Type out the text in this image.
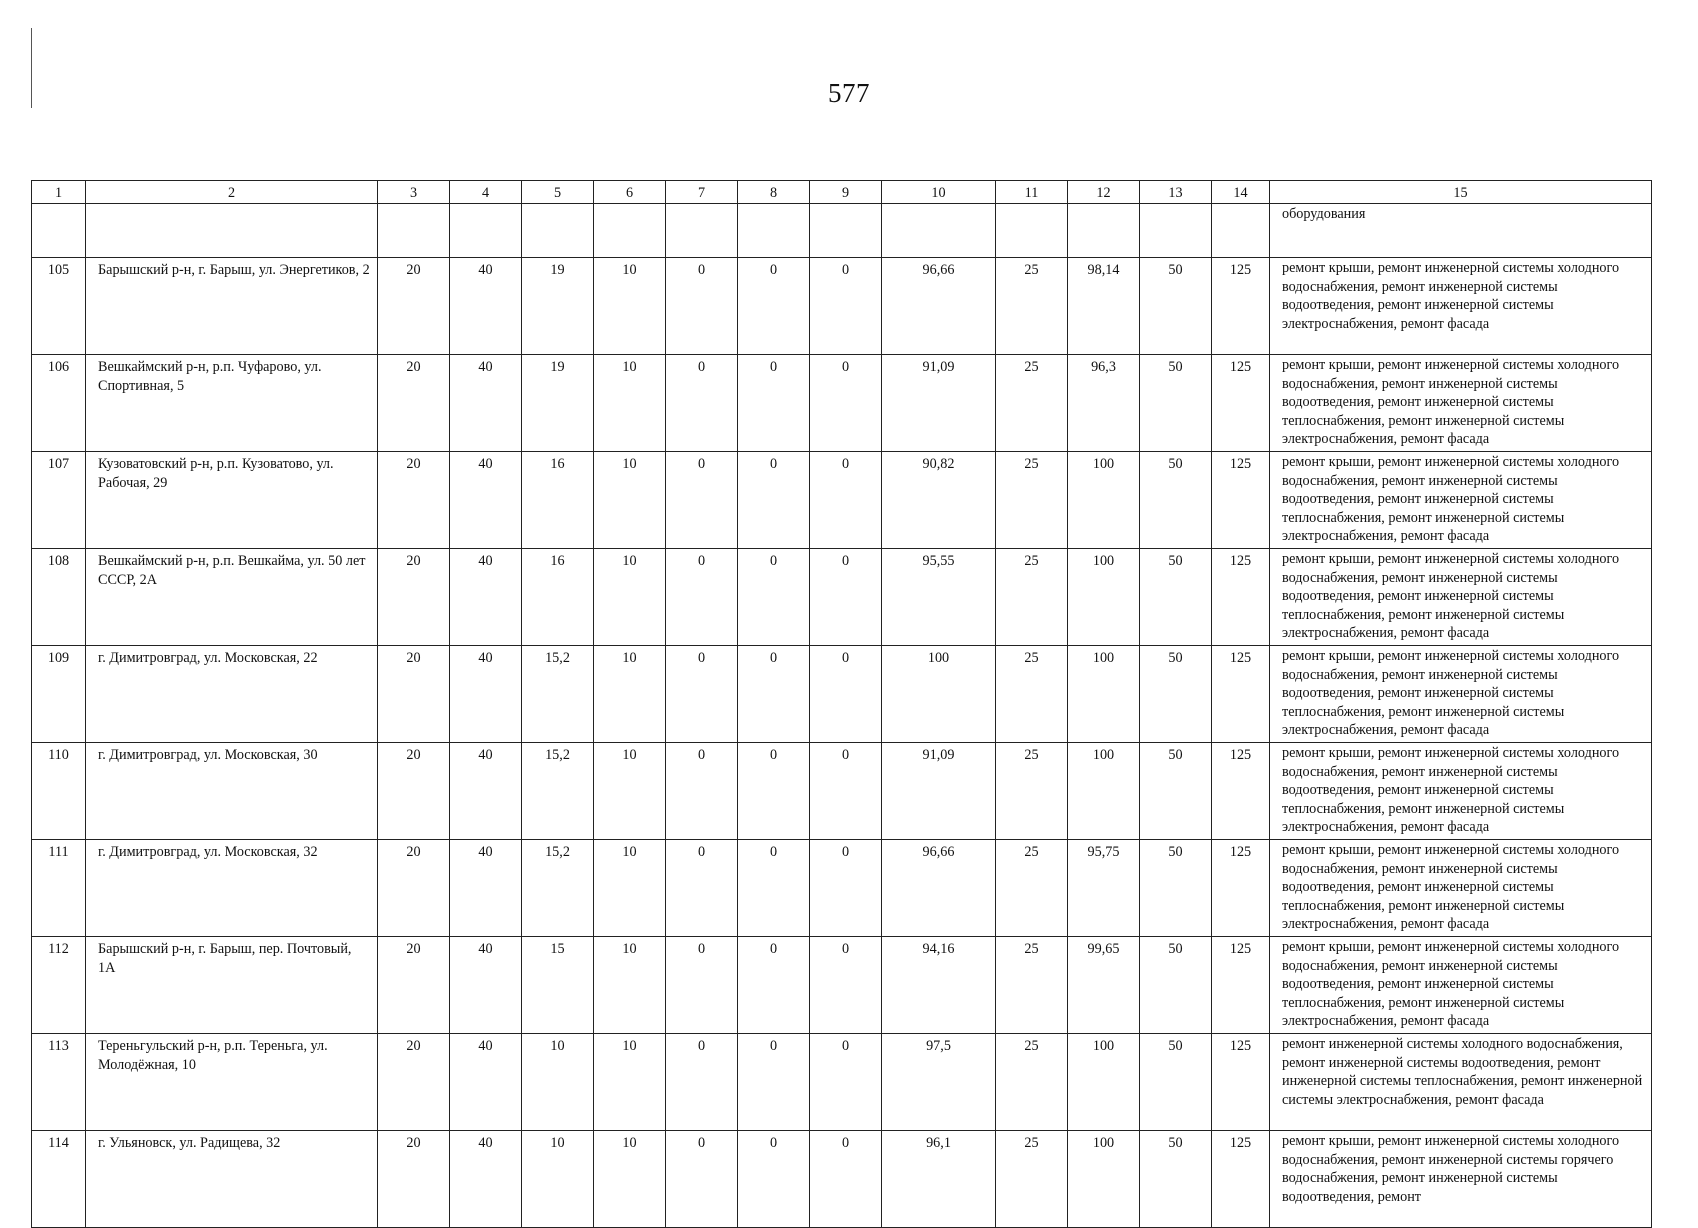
577
1	2	3	4	5	6	7	8	9	10	11	12	13	14	15
														оборудования
105	Барышский р-н, г. Барыш, ул. Энергетиков, 2	20	40	19	10	0	0	0	96,66	25	98,14	50	125	ремонт крыши, ремонт инженерной системы холодного водоснабжения, ремонт инженерной системы водоотведения, ремонт инженерной системы электроснабжения, ремонт фасада
106	Вешкаймский р-н, р.п. Чуфарово, ул. Спортивная, 5	20	40	19	10	0	0	0	91,09	25	96,3	50	125	ремонт крыши, ремонт инженерной системы холодного водоснабжения, ремонт инженерной системы водоотведения, ремонт инженерной системы теплоснабжения, ремонт инженерной системы электроснабжения, ремонт фасада
107	Кузоватовский р-н, р.п. Кузоватово, ул. Рабочая, 29	20	40	16	10	0	0	0	90,82	25	100	50	125	ремонт крыши, ремонт инженерной системы холодного водоснабжения, ремонт инженерной системы водоотведения, ремонт инженерной системы теплоснабжения, ремонт инженерной системы электроснабжения, ремонт фасада
108	Вешкаймский р-н, р.п. Вешкайма, ул. 50 лет СССР, 2А	20	40	16	10	0	0	0	95,55	25	100	50	125	ремонт крыши, ремонт инженерной системы холодного водоснабжения, ремонт инженерной системы водоотведения, ремонт инженерной системы теплоснабжения, ремонт инженерной системы электроснабжения, ремонт фасада
109	г. Димитровград, ул. Московская, 22	20	40	15,2	10	0	0	0	100	25	100	50	125	ремонт крыши, ремонт инженерной системы холодного водоснабжения, ремонт инженерной системы водоотведения, ремонт инженерной системы теплоснабжения, ремонт инженерной системы электроснабжения, ремонт фасада
110	г. Димитровград, ул. Московская, 30	20	40	15,2	10	0	0	0	91,09	25	100	50	125	ремонт крыши, ремонт инженерной системы холодного водоснабжения, ремонт инженерной системы водоотведения, ремонт инженерной системы теплоснабжения, ремонт инженерной системы электроснабжения, ремонт фасада
111	г. Димитровград, ул. Московская, 32	20	40	15,2	10	0	0	0	96,66	25	95,75	50	125	ремонт крыши, ремонт инженерной системы холодного водоснабжения, ремонт инженерной системы водоотведения, ремонт инженерной системы теплоснабжения, ремонт инженерной системы электроснабжения, ремонт фасада
112	Барышский р-н, г. Барыш, пер. Почтовый, 1А	20	40	15	10	0	0	0	94,16	25	99,65	50	125	ремонт крыши, ремонт инженерной системы холодного водоснабжения, ремонт инженерной системы водоотведения, ремонт инженерной системы теплоснабжения, ремонт инженерной системы электроснабжения, ремонт фасада
113	Тереньгульский р-н, р.п. Тереньга, ул. Молодёжная, 10	20	40	10	10	0	0	0	97,5	25	100	50	125	ремонт инженерной системы холодного водоснабжения, ремонт инженерной системы водоотведения, ремонт инженерной системы теплоснабжения, ремонт инженерной системы электроснабжения, ремонт фасада
114	г. Ульяновск, ул. Радищева, 32	20	40	10	10	0	0	0	96,1	25	100	50	125	ремонт крыши, ремонт инженерной системы холодного водоснабжения, ремонт инженерной системы горячего водоснабжения, ремонт инженерной системы водоотведения, ремонт
